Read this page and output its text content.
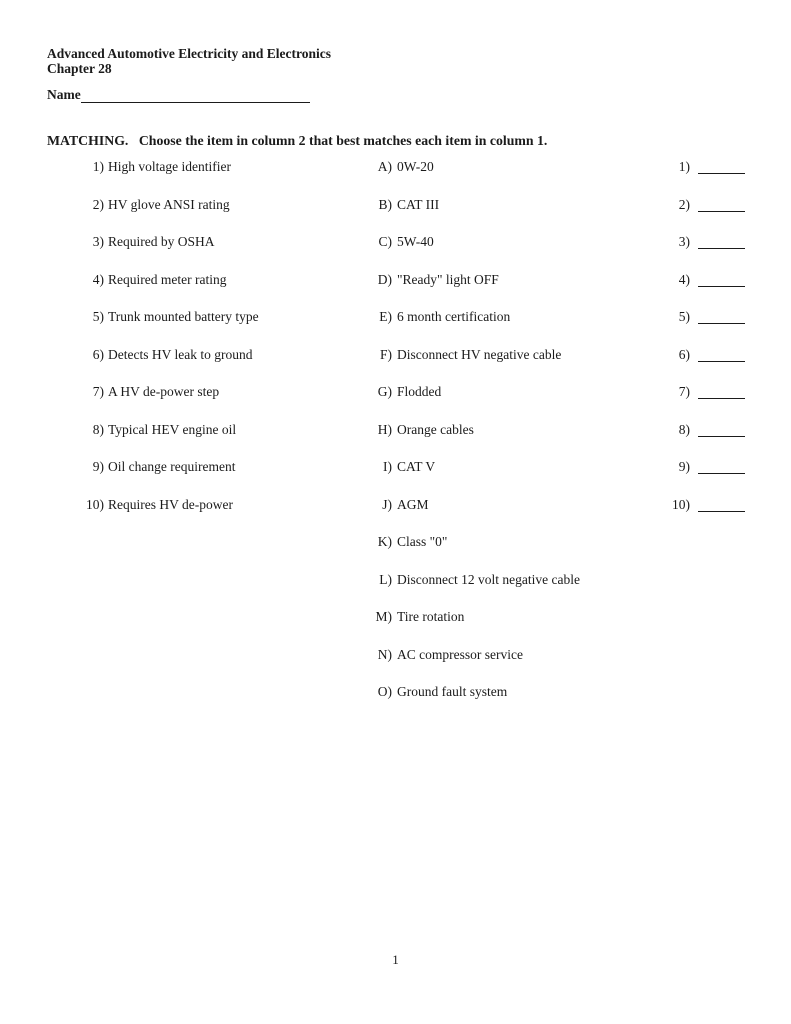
Advanced Automotive Electricity and Electronics
Chapter 28
Name
MATCHING. Choose the item in column 2 that best matches each item in column 1.
1) High voltage identifier	A) 0W-20	1)
2) HV glove ANSI rating	B) CAT III	2)
3) Required by OSHA	C) 5W-40	3)
4) Required meter rating	D) "Ready" light OFF	4)
5) Trunk mounted battery type	E) 6 month certification	5)
6) Detects HV leak to ground	F) Disconnect HV negative cable	6)
7) A HV de-power step	G) Flodded	7)
8) Typical HEV engine oil	H) Orange cables	8)
9) Oil change requirement	I) CAT V	9)
10) Requires HV de-power	J) AGM	10)
K) Class "0"
L) Disconnect 12 volt negative cable
M) Tire rotation
N) AC compressor service
O) Ground fault system
1
